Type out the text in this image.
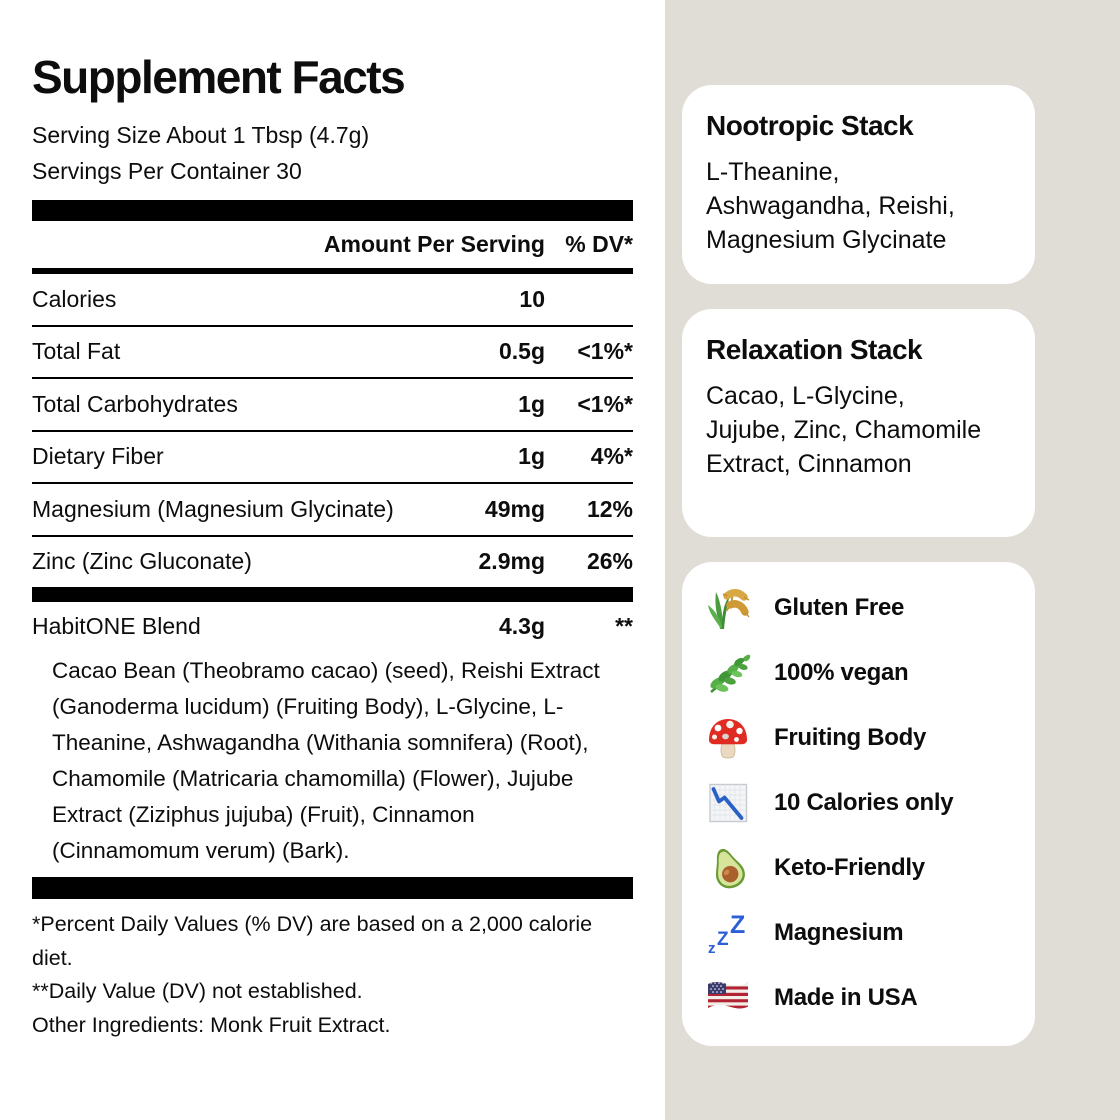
Supplement Facts
Serving Size About 1 Tbsp (4.7g)
Servings Per Container 30
Amount Per Serving % DV*
Calories	10
Total Fat	0.5g	<1%*
Total Carbohydrates	1g	<1%*
Dietary Fiber	1g	4%*
Magnesium (Magnesium Glycinate)	49mg	12%
Zinc (Zinc Gluconate)	2.9mg	26%
HabitONE Blend	4.3g	**

Cacao Bean (Theobramo cacao) (seed), Reishi Extract (Ganoderma lucidum) (Fruiting Body), L-Glycine, L-Theanine, Ashwagandha (Withania somnifera) (Root), Chamomile (Matricaria chamomilla) (Flower), Jujube Extract (Ziziphus jujuba) (Fruit), Cinnamon (Cinnamomum verum) (Bark).

*Percent Daily Values (% DV) are based on a 2,000 calorie diet.
**Daily Value (DV) not established.
Other Ingredients: Monk Fruit Extract.
Nootropic Stack
L-Theanine,
Ashwagandha, Reishi,
Magnesium Glycinate
Relaxation Stack
Cacao, L-Glycine,
Jujube, Zinc, Chamomile
Extract, Cinnamon
Gluten Free
100% vegan
Fruiting Body
10 Calories only
Keto-Friendly
z Z
Z Magnesium
Made in USA
